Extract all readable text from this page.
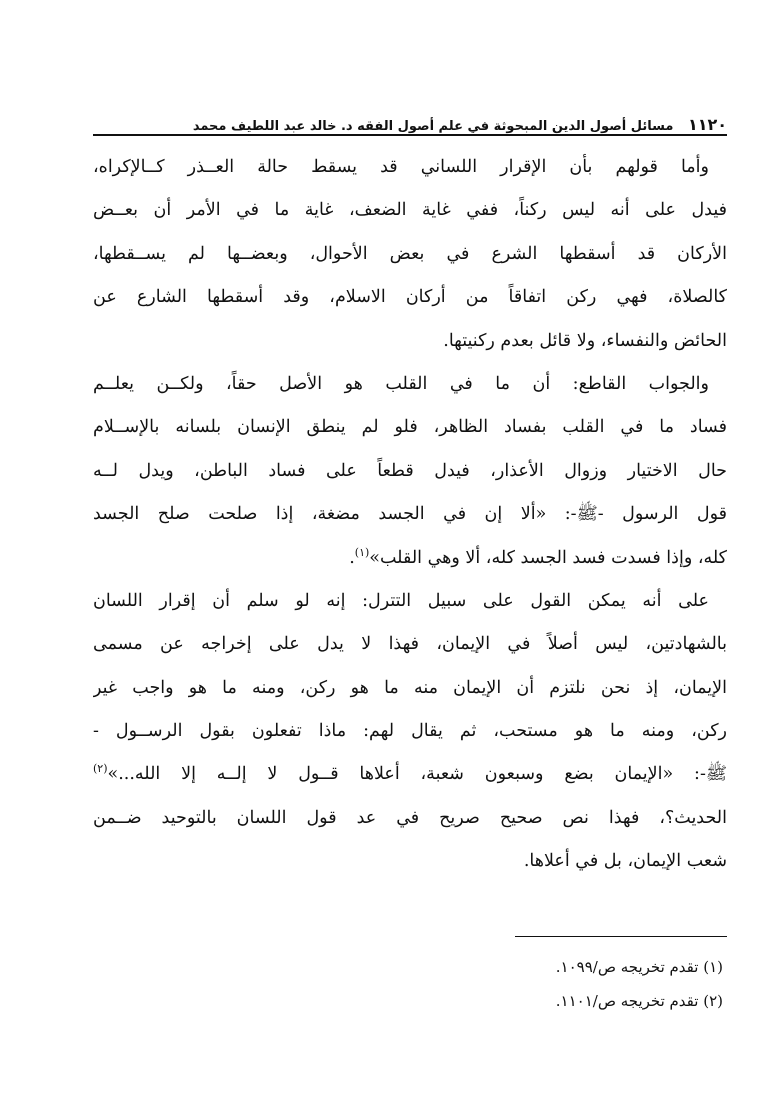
١١٢٠ مسائل أصول الدين المبحوثة في علم أصول الفقه د. خالد عبد اللطيف محمد
وأما قولهم بأن الإقرار اللساني قد يسقط حالة العــذر كــالإكراه،
فيدل على أنه ليس ركناً، ففي غاية الضعف، غاية ما في الأمر أن بعــض
الأركان قد أسقطها الشرع في بعض الأحوال، وبعضــها لم يســقطها،
كالصلاة، فهي ركن اتفاقاً من أركان الاسلام، وقد أسقطها الشارع عن
الحائض والنفساء، ولا قائل بعدم ركنيتها.
والجواب القاطع: أن ما في القلب هو الأصل حقاً، ولكــن يعلــم
فساد ما في القلب بفساد الظاهر، فلو لم ينطق الإنسان بلسانه بالإســلام
حال الاختيار وزوال الأعذار، فيدل قطعاً على فساد الباطن، ويدل لــه
قول الرسول -ﷺ-: «ألا إن في الجسد مضغة، إذا صلحت صلح الجسد
كله، وإذا فسدت فسد الجسد كله، ألا وهي القلب»$^{(١)}$.
على أنه يمكن القول على سبيل التترل: إنه لو سلم أن إقرار اللسان
بالشهادتين، ليس أصلاً في الإيمان، فهذا لا يدل على إخراجه عن مسمى
الإيمان، إذ نحن نلتزم أن الإيمان منه ما هو ركن، ومنه ما هو واجب غير
ركن، ومنه ما هو مستحب، ثم يقال لهم: ماذا تفعلون بقول الرســول -
ﷺ-: «الإيمان بضع وسبعون شعبة، أعلاها قــول لا إلــه إلا الله...»$^{(٢)}$
الحديث؟، فهذا نص صحيح صريح في عد قول اللسان بالتوحيد ضــمن
شعب الإيمان، بل في أعلاها.
(١) تقدم تخريجه ص/١٠٩٩.
(٢) تقدم تخريجه ص/١١٠١.
